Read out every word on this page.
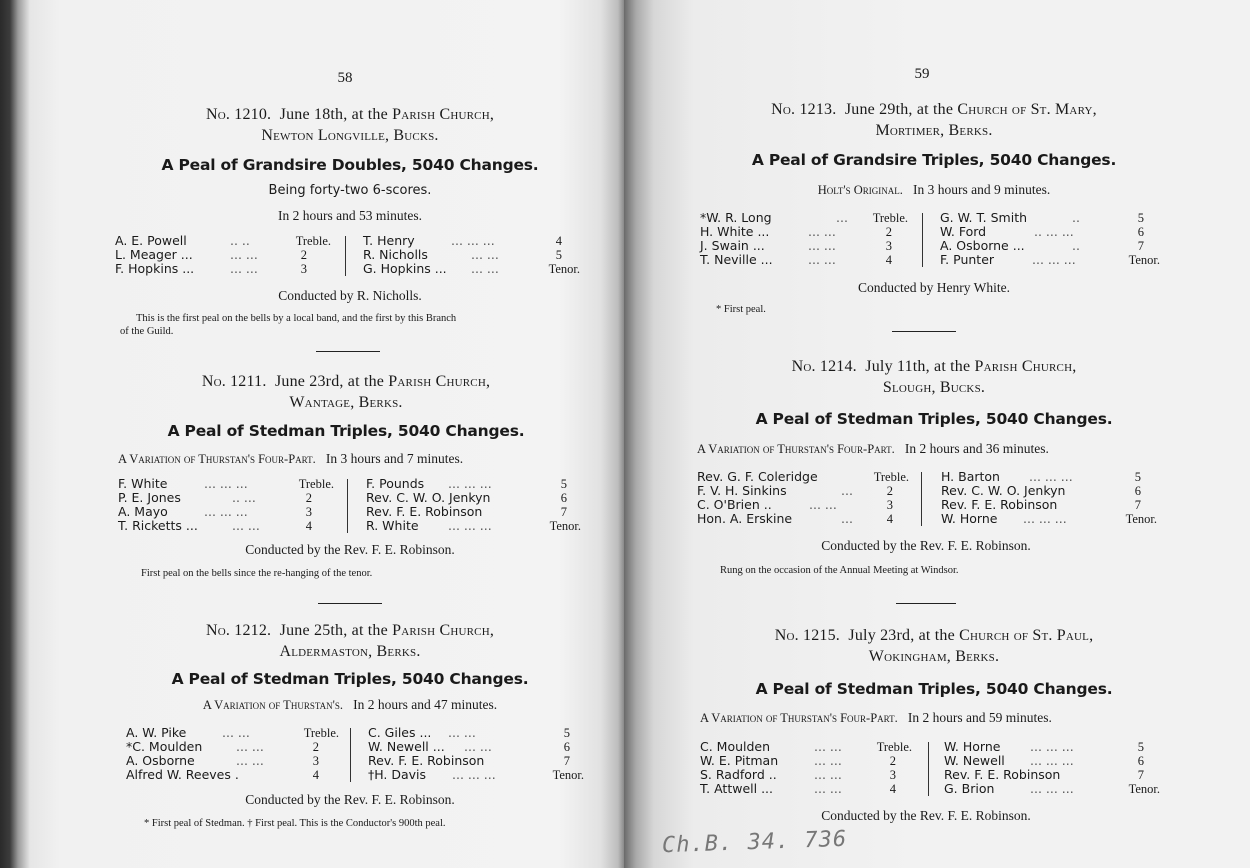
58
No. 1210. June 18th, at the Parish Church,
Newton Longville, Bucks.
A Peal of Grandsire Doubles, 5040 Changes.
Being forty-two 6-scores.
In 2 hours and 53 minutes.
A. E. Powell	.. ..	Treble.
L. Meager ...	... ...	2
F. Hopkins ...	... ...	3
T. Henry	... ... ...	4
R. Nicholls	... ...	5
G. Hopkins ... ... ...	Tenor.
Conducted by R. Nicholls.
This is the first peal on the bells by a local band, and the first by this Branch
of the Guild.
No. 1211. June 23rd, at the Parish Church,
Wantage, Berks.
A Peal of Stedman Triples, 5040 Changes.
A Variation of Thurstan's Four-Part. In 3 hours and 7 minutes.
F. White	... ... ...	Treble.
P. E. Jones	.. ...	2
A. Mayo	... ... ...	3
T. Ricketts ...	... ...	4
F. Pounds ... ... ...	5
Rev. C. W. O. Jenkyn	6
Rev. F. E. Robinson	7
R. White ... ... ...	Tenor.
Conducted by the Rev. F. E. Robinson.
First peal on the bells since the re-hanging of the tenor.
No. 1212. June 25th, at the Parish Church,
Aldermaston, Berks.
A Peal of Stedman Triples, 5040 Changes.
A Variation of Thurstan's. In 2 hours and 47 minutes.
A. W. Pike	... ...	Treble.
*C. Moulden	... ...	2
A. Osborne	... ...	3
Alfred W. Reeves .	4
C. Giles ... ... ...	5
W. Newell ... ... ...	6
Rev. F. E. Robinson	7
†H. Davis ... ... ...	Tenor.
Conducted by the Rev. F. E. Robinson.
* First peal of Stedman. † First peal. This is the Conductor's 900th peal.
59
No. 1213. June 29th, at the Church of St. Mary,
Mortimer, Berks.
A Peal of Grandsire Triples, 5040 Changes.
Holt's Original. In 3 hours and 9 minutes.
*W. R. Long	... Treble.
H. White ...	... ...	2
J. Swain ...	... ...	3
T. Neville ...	... ...	4
G. W. T. Smith	..	5
W. Ford	.. ... ...	6
A. Osborne ...	..	7
F. Punter	... ... ...	Tenor.
Conducted by Henry White.
* First peal.
No. 1214. July 11th, at the Parish Church,
Slough, Bucks.
A Peal of Stedman Triples, 5040 Changes.
A Variation of Thurstan's Four-Part. In 2 hours and 36 minutes.
Rev. G. F. Coleridge	Treble.
F. V. H. Sinkins	...	2
C. O'Brien ..	... ...	3
Hon. A. Erskine	...	4
H. Barton ... ... ...	5
Rev. C. W. O. Jenkyn	6
Rev. F. E. Robinson	7
W. Horne ... ... ...	Tenor.
Conducted by the Rev. F. E. Robinson.
Rung on the occasion of the Annual Meeting at Windsor.
No. 1215. July 23rd, at the Church of St. Paul,
Wokingham, Berks.
A Peal of Stedman Triples, 5040 Changes.
A Variation of Thurstan's Four-Part. In 2 hours and 59 minutes.
C. Moulden	... ...	Treble.
W. E. Pitman	... ...	2
S. Radford ..	... ...	3
T. Attwell ...	... ...	4
W. Horne ... ... ...	5
W. Newell ... ... ...	6
Rev. F. E. Robinson	7
G. Brion	... ... ...	Tenor.
Conducted by the Rev. F. E. Robinson.
Ch.B. 34. 736
